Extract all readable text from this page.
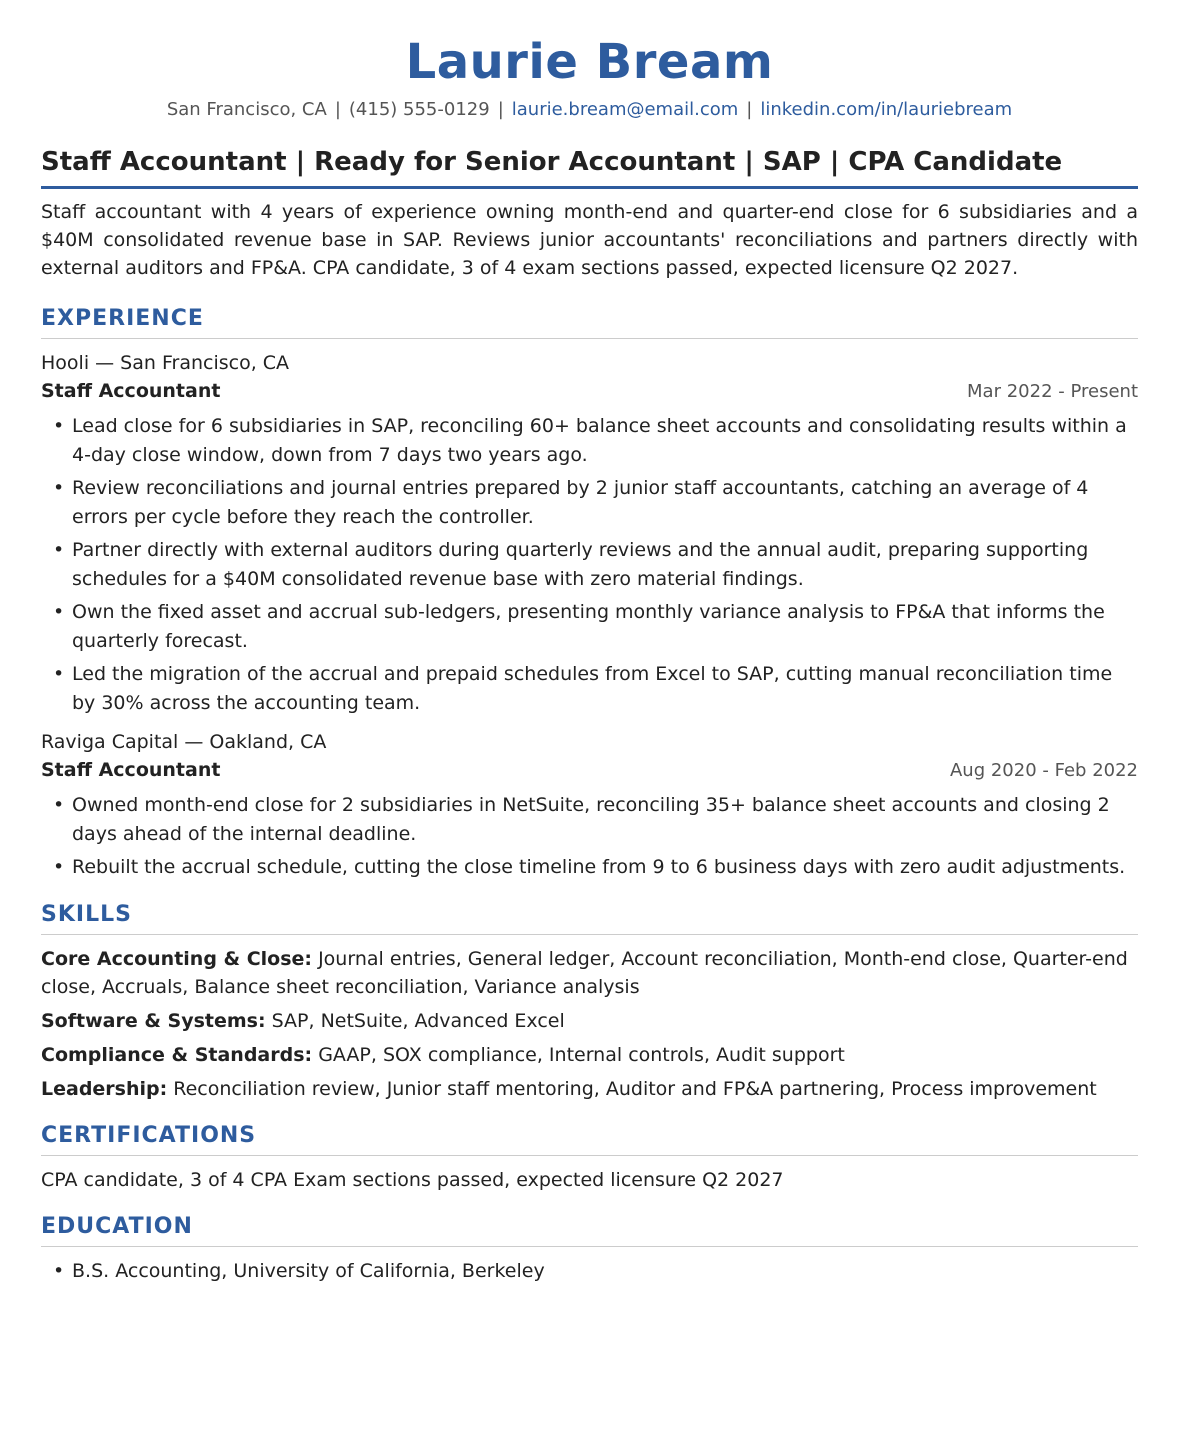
Laurie Bream
San Francisco, CA | (415) 555-0129 | laurie.bream@email.com | linkedin.com/in/lauriebream
Staff Accountant | Ready for Senior Accountant | SAP | CPA Candidate

Staff accountant with 4 years of experience owning month-end and quarter-end close for 6 subsidiaries and a $40M consolidated revenue base in SAP. Reviews junior accountants' reconciliations and partners directly with external auditors and FP&A. CPA candidate, 3 of 4 exam sections passed, expected licensure Q2 2027.

EXPERIENCE
Hooli — San Francisco, CA
Staff Accountant	Mar 2022 - Present
• Lead close for 6 subsidiaries in SAP, reconciling 60+ balance sheet accounts and consolidating results within a 4-day close window, down from 7 days two years ago.
• Review reconciliations and journal entries prepared by 2 junior staff accountants, catching an average of 4 errors per cycle before they reach the controller.
• Partner directly with external auditors during quarterly reviews and the annual audit, preparing supporting schedules for a $40M consolidated revenue base with zero material findings.
• Own the fixed asset and accrual sub-ledgers, presenting monthly variance analysis to FP&A that informs the quarterly forecast.
• Led the migration of the accrual and prepaid schedules from Excel to SAP, cutting manual reconciliation time by 30% across the accounting team.
Raviga Capital — Oakland, CA
Staff Accountant	Aug 2020 - Feb 2022
• Owned month-end close for 2 subsidiaries in NetSuite, reconciling 35+ balance sheet accounts and closing 2 days ahead of the internal deadline.
• Rebuilt the accrual schedule, cutting the close timeline from 9 to 6 business days with zero audit adjustments.
SKILLS
Core Accounting & Close: Journal entries, General ledger, Account reconciliation, Month-end close, Quarter-end close, Accruals, Balance sheet reconciliation, Variance analysis
Software & Systems: SAP, NetSuite, Advanced Excel
Compliance & Standards: GAAP, SOX compliance, Internal controls, Audit support
Leadership: Reconciliation review, Junior staff mentoring, Auditor and FP&A partnering, Process improvement
CERTIFICATIONS
CPA candidate, 3 of 4 CPA Exam sections passed, expected licensure Q2 2027
EDUCATION
• B.S. Accounting, University of California, Berkeley
